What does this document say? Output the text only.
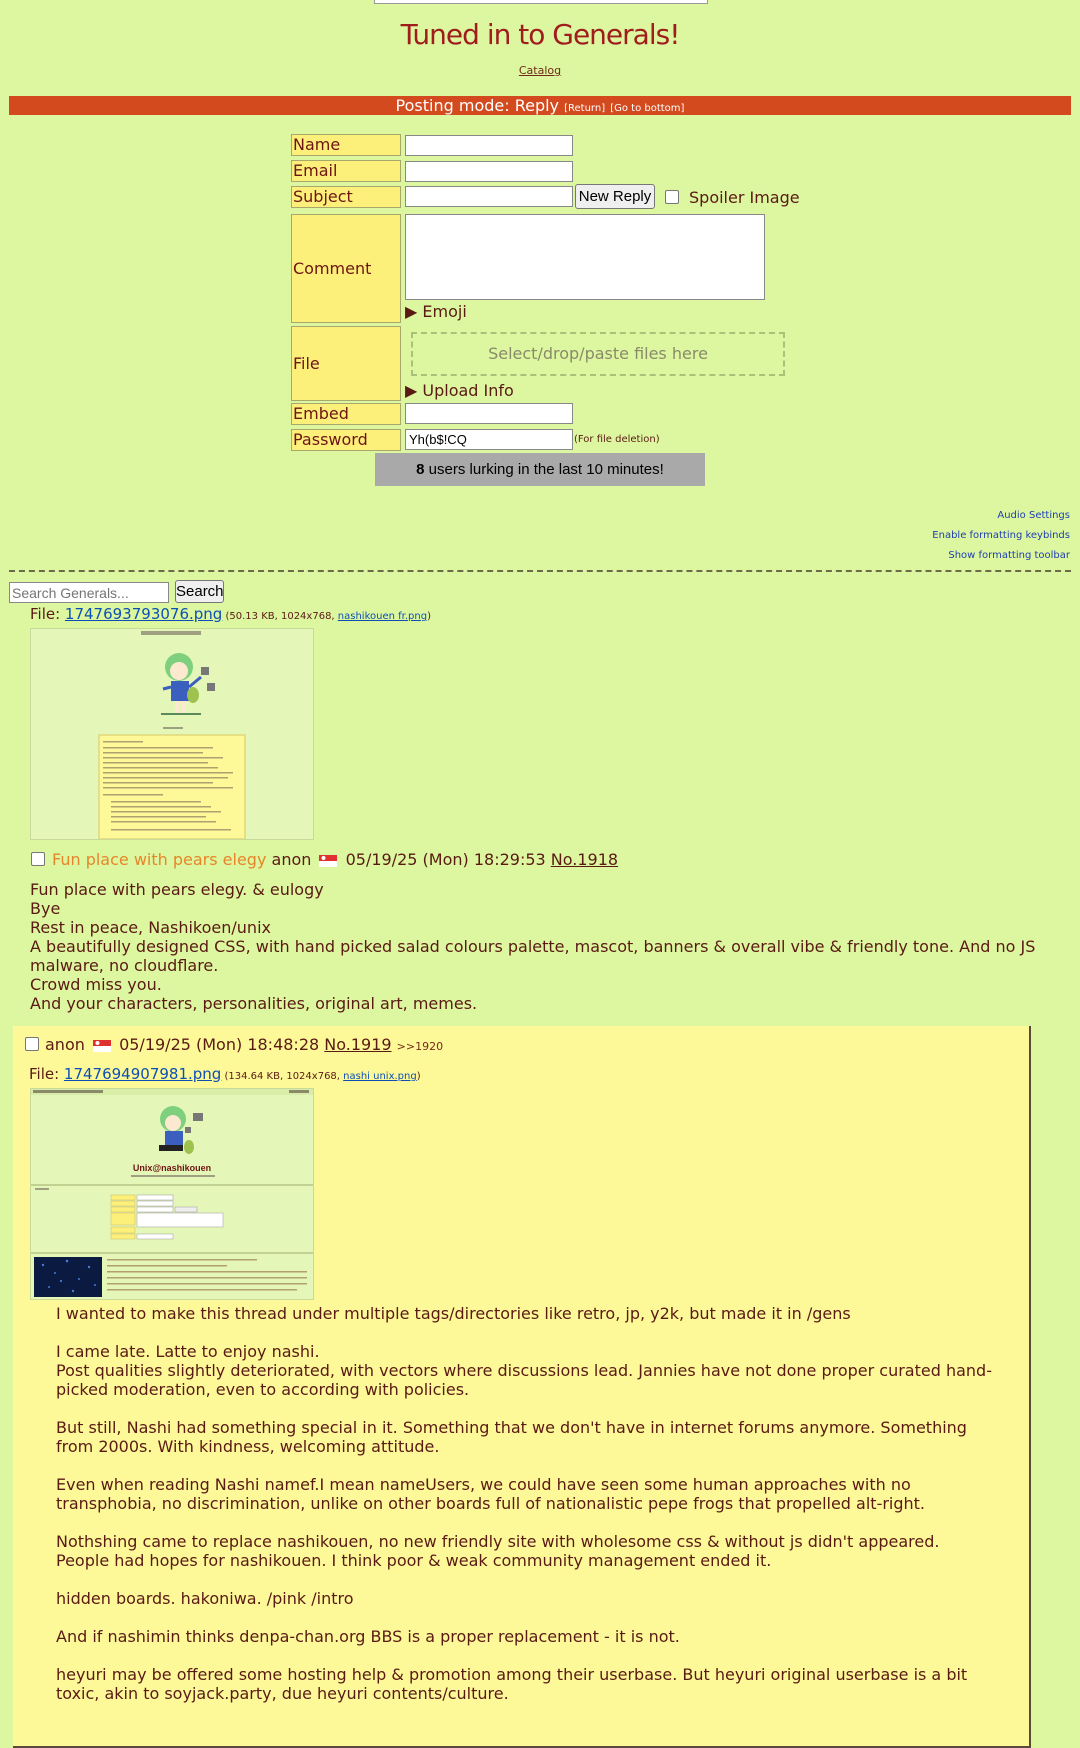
Tuned in to Generals!
Catalog
Posting mode: Reply [Return] [Go to bottom]
Name
Email
Subject	New Reply Spoiler Image
Comment
▶ Emoji
File
Select/drop/paste files here
▶ Upload Info
Embed
Password
Yh(b$!CQ	(For file deletion)
8 users lurking in the last 10 minutes!
Audio Settings
Enable formatting keybinds
Show formatting toolbar
Search Generals...
Search
File: 1747693793076.png (50.13 KB, 1024x768, nashikouen fr.png)
Fun place with pears elegy anon 05/19/25 (Mon) 18:29:53 No.1918

Fun place with pears elegy. & eulogy

Bye

Rest in peace, Nashikoen/unix

A beautifully designed CSS, with hand picked salad colours palette, mascot, banners & overall vibe & friendly tone. And no JS malware, no cloudflare.

Crowd miss you.

And your characters, personalities, original art, memes.

anon 05/19/25 (Mon) 18:48:28 No.1919 >>1920
File: 1747694907981.png (134.64 KB, 1024x768, nashi unix.png)
Unix@nashikouen

I wanted to make this thread under multiple tags/directories like retro, jp, y2k, but made it in /gens

I came late. Latte to enjoy nashi.
Post qualities slightly deteriorated, with vectors where discussions lead. Jannies have not done proper curated hand-picked moderation, even to according with policies.

But still, Nashi had something special in it. Something that we don't have in internet forums anymore. Something from 2000s. With kindness, welcoming attitude.

Even when reading Nashi namef.I mean nameUsers, we could have seen some human approaches with no transphobia, no discrimination, unlike on other boards full of nationalistic pepe frogs that propelled alt-right.

Nothshing came to replace nashikouen, no new friendly site with wholesome css & without js didn't appeared.
People had hopes for nashikouen. I think poor & weak community management ended it.

hidden boards. hakoniwa. /pink /intro

And if nashimin thinks denpa-chan.org BBS is a proper replacement - it is not.

heyuri may be offered some hosting help & promotion among their userbase. But heyuri original userbase is a bit toxic, akin to soyjack.party, due heyuri contents/culture.
